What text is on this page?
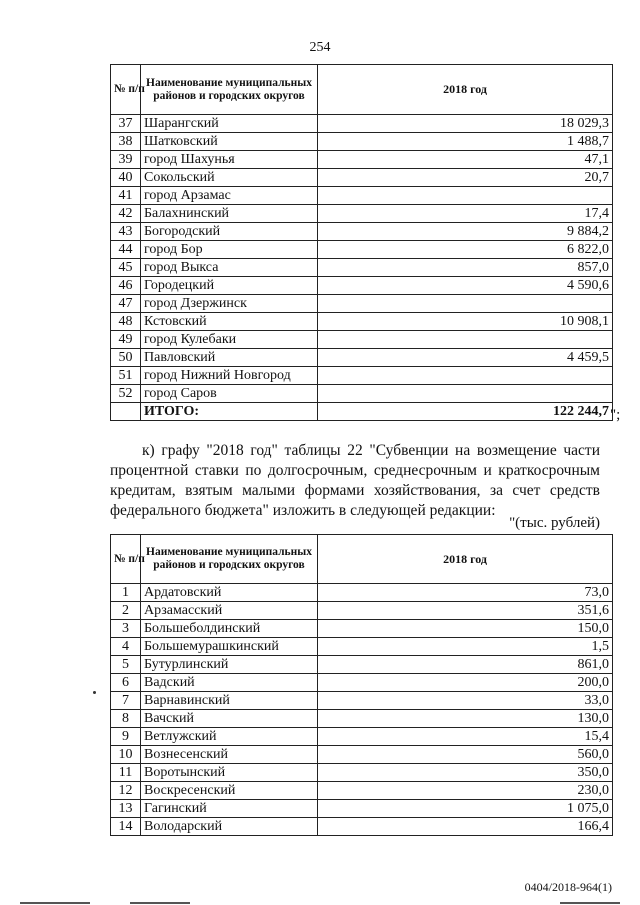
254
№ п/п	Наименование муниципальных районов и городских округов	2018 год
37	Шарангский	18 029,3
38	Шатковский	1 488,7
39	город Шахунья	47,1
40	Сокольский	20,7
41	город Арзамас	
42	Балахнинский	17,4
43	Богородский	9 884,2
44	город Бор	6 822,0
45	город Выкса	857,0
46	Городецкий	4 590,6
47	город Дзержинск	
48	Кстовский	10 908,1
49	город Кулебаки	
50	Павловский	4 459,5
51	город Нижний Новгород	
52	город Саров	
	ИТОГО:	122 244,7 ";
к) графу "2018 год" таблицы 22 "Субвенции на возмещение части процентной ставки по долгосрочным, среднесрочным и краткосрочным кредитам, взятым малыми формами хозяйствования, за счет средств федерального бюджета" изложить в следующей редакции:
"(тыс. рублей)
№ п/п	Наименование муниципальных районов и городских округов	2018 год
1	Ардатовский	73,0
2	Арзамасский	351,6
3	Большеболдинский	150,0
4	Большемурашкинский	1,5
5	Бутурлинский	861,0
6	Вадский	200,0
7	Варнавинский	33,0
8	Вачский	130,0
9	Ветлужский	15,4
10	Вознесенский	560,0
11	Воротынский	350,0
12	Воскресенский	230,0
13	Гагинский	1 075,0
14	Володарский	166,4
0404/2018-964(1)
